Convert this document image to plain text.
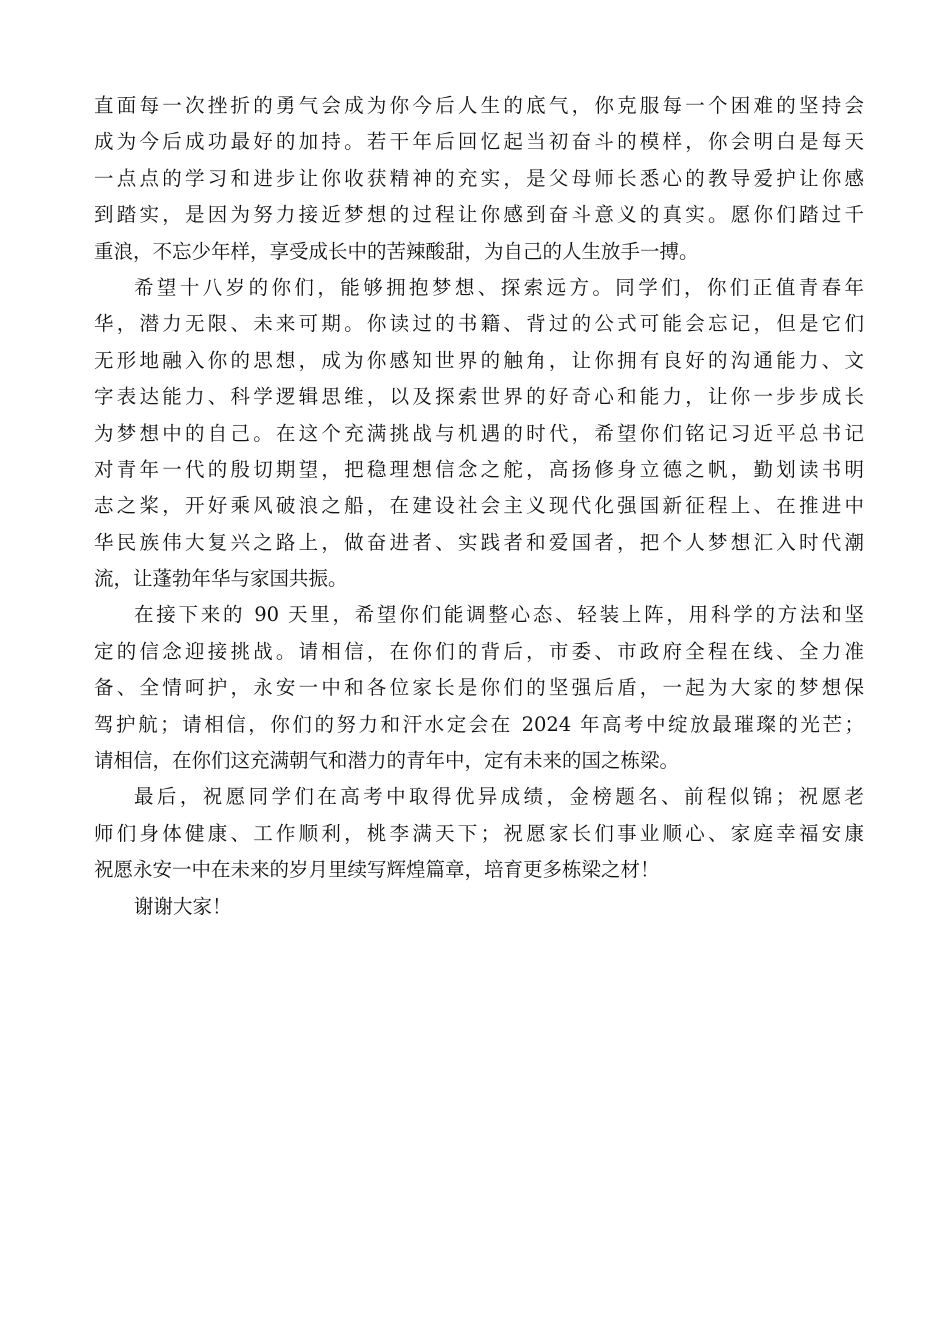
直面每一次挫折的勇气会成为你今后人生的底气，你克服每一个困难的坚持会
成为今后成功最好的加持。若干年后回忆起当初奋斗的模样，你会明白是每天
一点点的学习和进步让你收获精神的充实，是父母师长悉心的教导爱护让你感
到踏实，是因为努力接近梦想的过程让你感到奋斗意义的真实。愿你们踏过千
重浪，不忘少年样，享受成长中的苦辣酸甜，为自己的人生放手一搏。
希望十八岁的你们，能够拥抱梦想、探索远方。同学们，你们正值青春年
华，潜力无限、未来可期。你读过的书籍、背过的公式可能会忘记，但是它们
无形地融入你的思想，成为你感知世界的触角，让你拥有良好的沟通能力、文
字表达能力、科学逻辑思维，以及探索世界的好奇心和能力，让你一步步成长
为梦想中的自己。在这个充满挑战与机遇的时代，希望你们铭记习近平总书记
对青年一代的殷切期望，把稳理想信念之舵，高扬修身立德之帆，勤划读书明
志之桨，开好乘风破浪之船，在建设社会主义现代化强国新征程上、在推进中
华民族伟大复兴之路上，做奋进者、实践者和爱国者，把个人梦想汇入时代潮
流，让蓬勃年华与家国共振。
在接下来的 90 天里，希望你们能调整心态、轻装上阵，用科学的方法和坚
定的信念迎接挑战。请相信，在你们的背后，市委、市政府全程在线、全力准
备、全情呵护，永安一中和各位家长是你们的坚强后盾，一起为大家的梦想保
驾护航；请相信，你们的努力和汗水定会在 2024 年高考中绽放最璀璨的光芒；
请相信，在你们这充满朝气和潜力的青年中，定有未来的国之栋梁。
最后，祝愿同学们在高考中取得优异成绩，金榜题名、前程似锦；祝愿老
师们身体健康、工作顺利，桃李满天下；祝愿家长们事业顺心、家庭幸福安康
祝愿永安一中在未来的岁月里续写辉煌篇章，培育更多栋梁之材！
谢谢大家！
